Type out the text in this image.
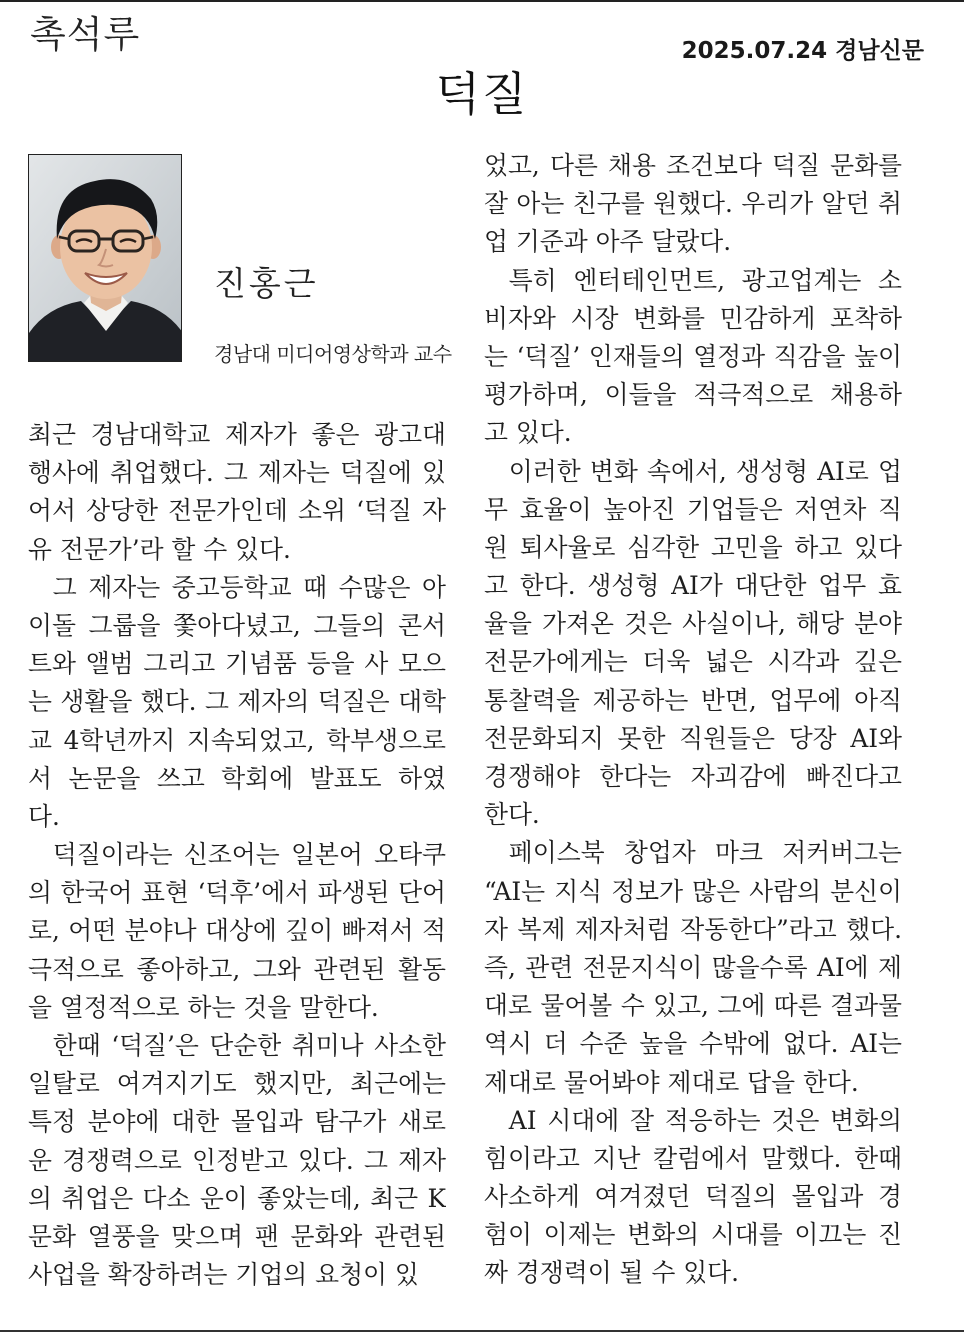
촉석루	2025.07.24 경남신문
덕질
진홍근
경남대 미디어영상학과 교수
최근 경남대학교 제자가 좋은 광고대
행사에 취업했다. 그 제자는 덕질에 있
어서 상당한 전문가인데 소위 ‘덕질 자
유 전문가’라 할 수 있다.
 그 제자는 중고등학교 때 수많은 아
이돌 그룹을 쫓아다녔고, 그들의 콘서
트와 앨범 그리고 기념품 등을 사 모으
는 생활을 했다. 그 제자의 덕질은 대학
교 4학년까지 지속되었고, 학부생으로
서 논문을 쓰고 학회에 발표도 하였
다.
 덕질이라는 신조어는 일본어 오타쿠
의 한국어 표현 ‘덕후’에서 파생된 단어
로, 어떤 분야나 대상에 깊이 빠져서 적
극적으로 좋아하고, 그와 관련된 활동
을 열정적으로 하는 것을 말한다.
 한때 ‘덕질’은 단순한 취미나 사소한
일탈로 여겨지기도 했지만, 최근에는
특정 분야에 대한 몰입과 탐구가 새로
운 경쟁력으로 인정받고 있다. 그 제자
의 취업은 다소 운이 좋았는데, 최근 K
문화 열풍을 맞으며 팬 문화와 관련된
사업을 확장하려는 기업의 요청이 있
었고, 다른 채용 조건보다 덕질 문화를
잘 아는 친구를 원했다. 우리가 알던 취
업 기준과 아주 달랐다.
 특히 엔터테인먼트, 광고업계는 소
비자와 시장 변화를 민감하게 포착하
는 ‘덕질’ 인재들의 열정과 직감을 높이
평가하며, 이들을 적극적으로 채용하
고 있다.
 이러한 변화 속에서, 생성형 AI로 업
무 효율이 높아진 기업들은 저연차 직
원 퇴사율로 심각한 고민을 하고 있다
고 한다. 생성형 AI가 대단한 업무 효
율을 가져온 것은 사실이나, 해당 분야
전문가에게는 더욱 넓은 시각과 깊은
통찰력을 제공하는 반면, 업무에 아직
전문화되지 못한 직원들은 당장 AI와
경쟁해야 한다는 자괴감에 빠진다고
한다.
 페이스북 창업자 마크 저커버그는
“AI는 지식 정보가 많은 사람의 분신이
자 복제 제자처럼 작동한다”라고 했다.
즉, 관련 전문지식이 많을수록 AI에 제
대로 물어볼 수 있고, 그에 따른 결과물
역시 더 수준 높을 수밖에 없다. AI는
제대로 물어봐야 제대로 답을 한다.
 AI 시대에 잘 적응하는 것은 변화의
힘이라고 지난 칼럼에서 말했다. 한때
사소하게 여겨졌던 덕질의 몰입과 경
험이 이제는 변화의 시대를 이끄는 진
짜 경쟁력이 될 수 있다.
